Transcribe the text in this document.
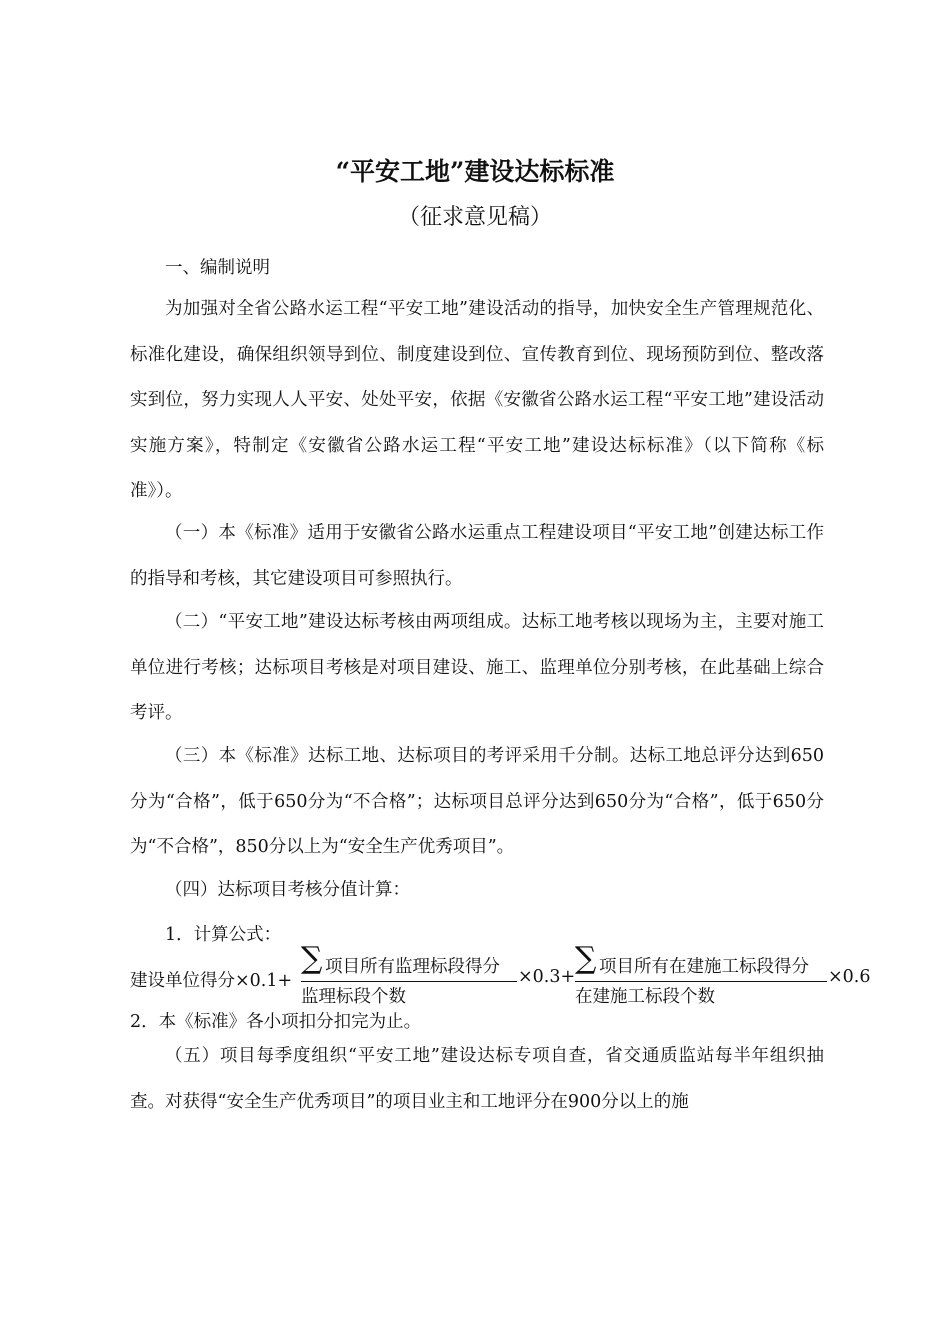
“平安工地”建设达标标准
（征求意见稿）

一、编制说明

为加强对全省公路水运工程“平安工地”建设活动的指导，加快安全生产管理规范化、标准化建设，确保组织领导到位、制度建设到位、宣传教育到位、现场预防到位、整改落实到位，努力实现人人平安、处处平安，依据《安徽省公路水运工程“平安工地”建设活动实施方案》，特制定《安徽省公路水运工程“平安工地”建设达标标准》（以下简称《标准》）。

（一）本《标准》适用于安徽省公路水运重点工程建设项目“平安工地”创建达标工作的指导和考核，其它建设项目可参照执行。

（二）“平安工地”建设达标考核由两项组成。达标工地考核以现场为主，主要对施工单位进行考核；达标项目考核是对项目建设、施工、监理单位分别考核，在此基础上综合考评。

（三）本《标准》达标工地、达标项目的考评采用千分制。达标工地总评分达到650分为“合格”，低于650分为“不合格”；达标项目总评分达到650分为“合格”，低于650分为“不合格”，850分以上为“安全生产优秀项目”。

（四）达标项目考核分值计算：

1．计算公式：

建设单位得分×0.1+
∑ 项目所有监理标段得分
监理标段个数
×0.3+
∑ 项目所有在建施工标段得分
在建施工标段个数
×0.6

2．本《标准》各小项扣分扣完为止。

（五）项目每季度组织“平安工地”建设达标专项自查，省交通质监站每半年组织抽查。对获得“安全生产优秀项目”的项目业主和工地评分在900分以上的施
